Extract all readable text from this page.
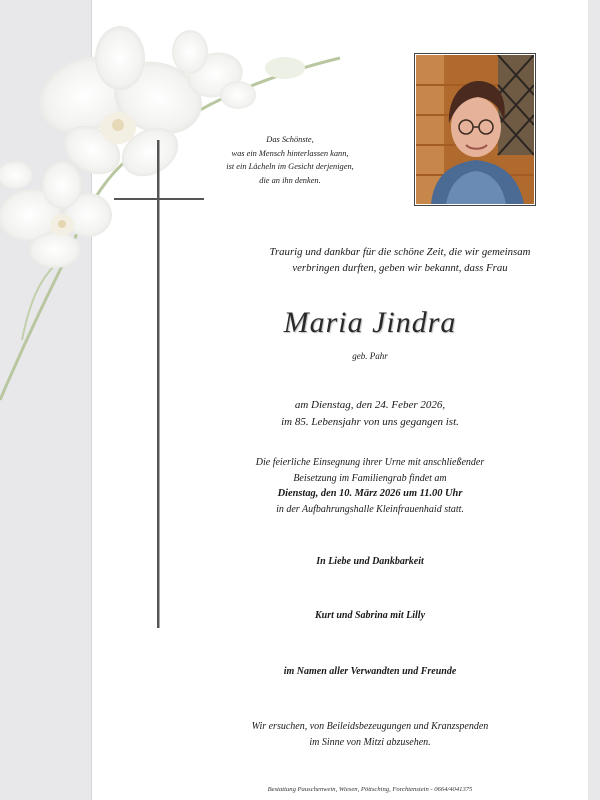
Das Schönste,
was ein Mensch hinterlassen kann,
ist ein Lächeln im Gesicht derjenigen,
die an ihn denken.
Traurig und dankbar für die schöne Zeit, die wir gemeinsam
verbringen durften, geben wir bekannt, dass Frau
Maria Jindra
geb. Pahr
am Dienstag, den 24. Feber 2026,
im 85. Lebensjahr von uns gegangen ist.
Die feierliche Einsegnung ihrer Urne mit anschließender
Beisetzung im Familiengrab findet am
Dienstag, den 10. März 2026 um 11.00 Uhr
in der Aufbahrungshalle Kleinfrauenhaid statt.
In Liebe und Dankbarkeit
Kurt und Sabrina mit Lilly
im Namen aller Verwandten und Freunde
Wir ersuchen, von Beileidsbezeugungen und Kranzspenden
im Sinne von Mitzi abzusehen.
Bestattung Pauschenwein, Wiesen, Pöttsching, Forchtenstein - 0664/4041375
